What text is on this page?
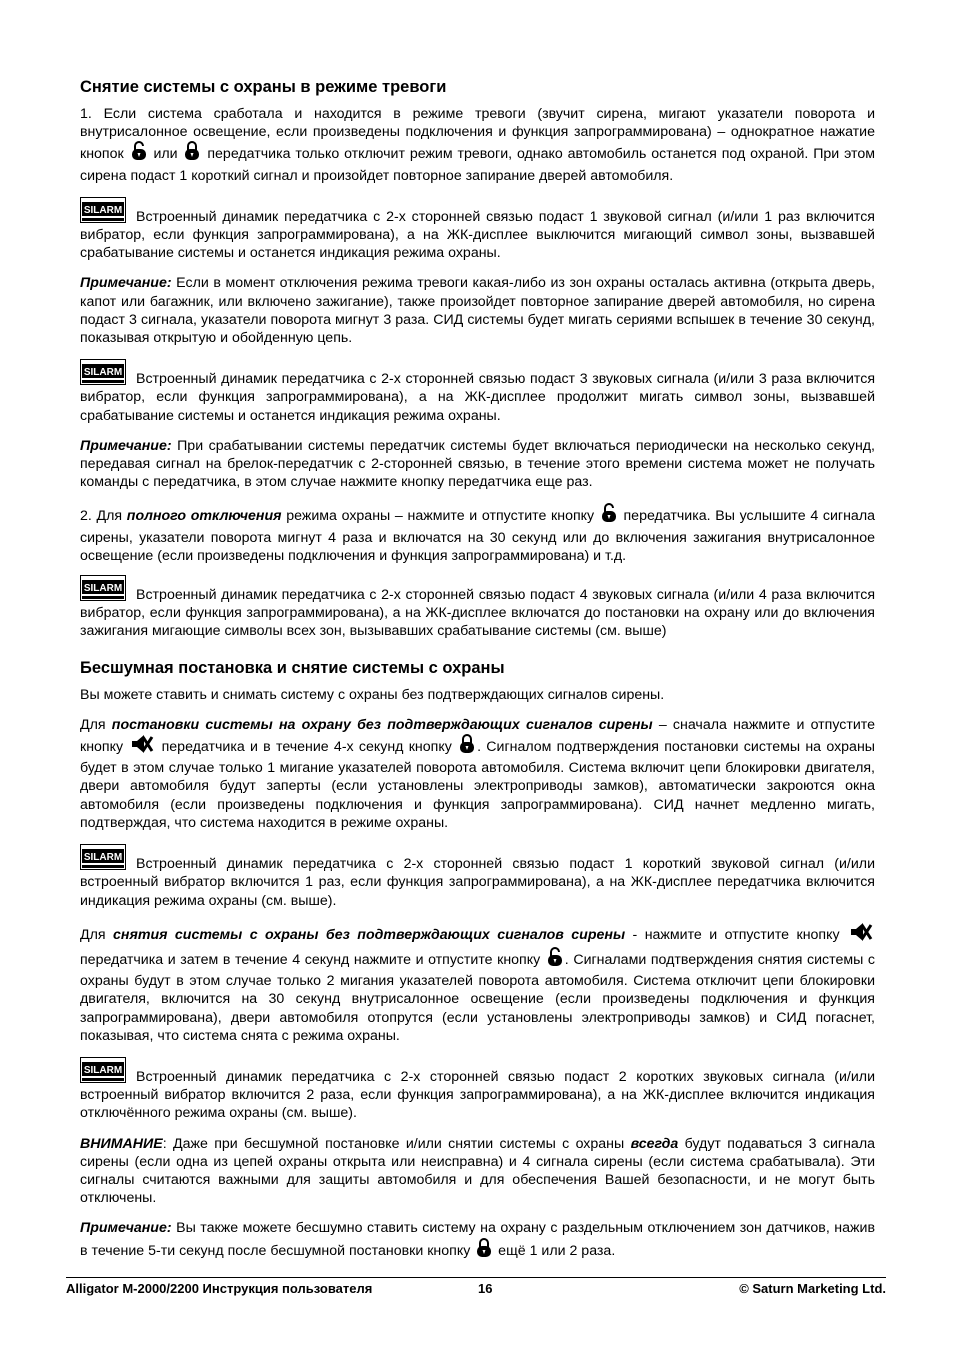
Снятие системы с охраны в режиме тревоги

1. Если система сработала и находится в режиме тревоги (звучит сирена, мигают указатели поворота и внутрисалонное освещение, если произведены подключения и функция запрограммирована) – однократное нажатие кнопок  или  передатчика только отключит режим тревоги, однако автомобиль останется под охраной. При этом сирена подаст 1 короткий сигнал и произойдет повторное запирание дверей автомобиля.

SILARM Встроенный динамик передатчика с 2-х сторонней связью подаст 1 звуковой сигнал (и/или 1 раз включится вибратор, если функция запрограммирована), а на ЖК-дисплее выключится мигающий символ зоны, вызвавшей срабатывание системы и останется индикация режима охраны.

Примечание: Если в момент отключения режима тревоги какая-либо из зон охраны осталась активна (открыта дверь, капот или багажник, или включено зажигание), также произойдет повторное запирание дверей автомобиля, но сирена подаст 3 сигнала, указатели поворота мигнут 3 раза. СИД системы будет мигать сериями вспышек в течение 30 секунд, показывая открытую и обойденную цепь.

SILARM Встроенный динамик передатчика с 2-х сторонней связью подаст 3 звуковых сигнала (и/или 3 раза включится вибратор, если функция запрограммирована), а на ЖК-дисплее продолжит мигать символ зоны, вызвавшей срабатывание системы и останется индикация режима охраны.

Примечание: При срабатывании системы передатчик системы будет включаться периодически на несколько секунд, передавая сигнал на брелок-передатчик с 2-сторонней связью, в течение этого времени система может не получать команды с передатчика, в этом случае нажмите кнопку передатчика еще раз.

2. Для полного отключения режима охраны – нажмите и отпустите кнопку  передатчика. Вы услышите 4 сигнала сирены, указатели поворота мигнут 4 раза и включатся на 30 секунд или до включения зажигания внутрисалонное освещение (если произведены подключения и функция запрограммирована) и т.д.

SILARM Встроенный динамик передатчика с 2-х сторонней связью подаст 4 звуковых сигнала (и/или 4 раза включится вибратор, если функция запрограммирована), а на ЖК-дисплее включатся до постановки на охрану или до включения зажигания мигающие символы всех зон, вызывавших срабатывание системы (см. выше)

Бесшумная постановка и снятие системы с охраны

Вы можете ставить и снимать систему с охраны без подтверждающих сигналов сирены.

Для постановки системы на охрану без подтверждающих сигналов сирены – сначала нажмите и отпустите кнопку  передатчика и в течение 4-х секунд кнопку . Сигналом подтверждения постановки системы на охраны будет в этом случае только 1 мигание указателей поворота автомобиля. Система включит цепи блокировки двигателя, двери автомобиля будут заперты (если установлены электроприводы замков), автоматически закроются окна автомобиля (если произведены подключения и функция запрограммирована). СИД начнет медленно мигать, подтверждая, что система находится в режиме охраны.

SILARM Встроенный динамик передатчика с 2-х сторонней связью подаст 1 короткий звуковой сигнал (и/или встроенный вибратор включится 1 раз, если функция запрограммирована), а на ЖК-дисплее передатчика включится индикация режима охраны (см. выше).

Для снятия системы с охраны без подтверждающих сигналов сирены - нажмите и отпустите кнопку  передатчика и затем в течение 4 секунд нажмите и отпустите кнопку . Сигналами подтверждения снятия системы с охраны будут в этом случае только 2 мигания указателей поворота автомобиля. Система отключит цепи блокировки двигателя, включится на 30 секунд внутрисалонное освещение (если произведены подключения и функция запрограммирована), двери автомобиля отопрутся (если установлены электроприводы замков) и СИД погаснет, показывая, что система снята с режима охраны.

SILARM Встроенный динамик передатчика с 2-х сторонней связью подаст 2 коротких звуковых сигнала (и/или встроенный вибратор включится 2 раза, если функция запрограммирована), а на ЖК-дисплее включится индикация отключённого режима охраны (см. выше).

ВНИМАНИЕ: Даже при бесшумной постановке и/или снятии системы с охраны всегда будут подаваться 3 сигнала сирены (если одна из цепей охраны открыта или неисправна) и 4 сигнала сирены (если система срабатывала). Эти сигналы считаются важными для защиты автомобиля и для обеспечения Вашей безопасности, и не могут быть отключены.

Примечание: Вы также можете бесшумно ставить систему на охрану с раздельным отключением зон датчиков, нажив в течение 5-ти секунд после бесшумной постановки кнопку  ещё 1 или 2 раза.

Alligator M-2000/2200 Инструкция пользователя	16	© Saturn Marketing Ltd.
